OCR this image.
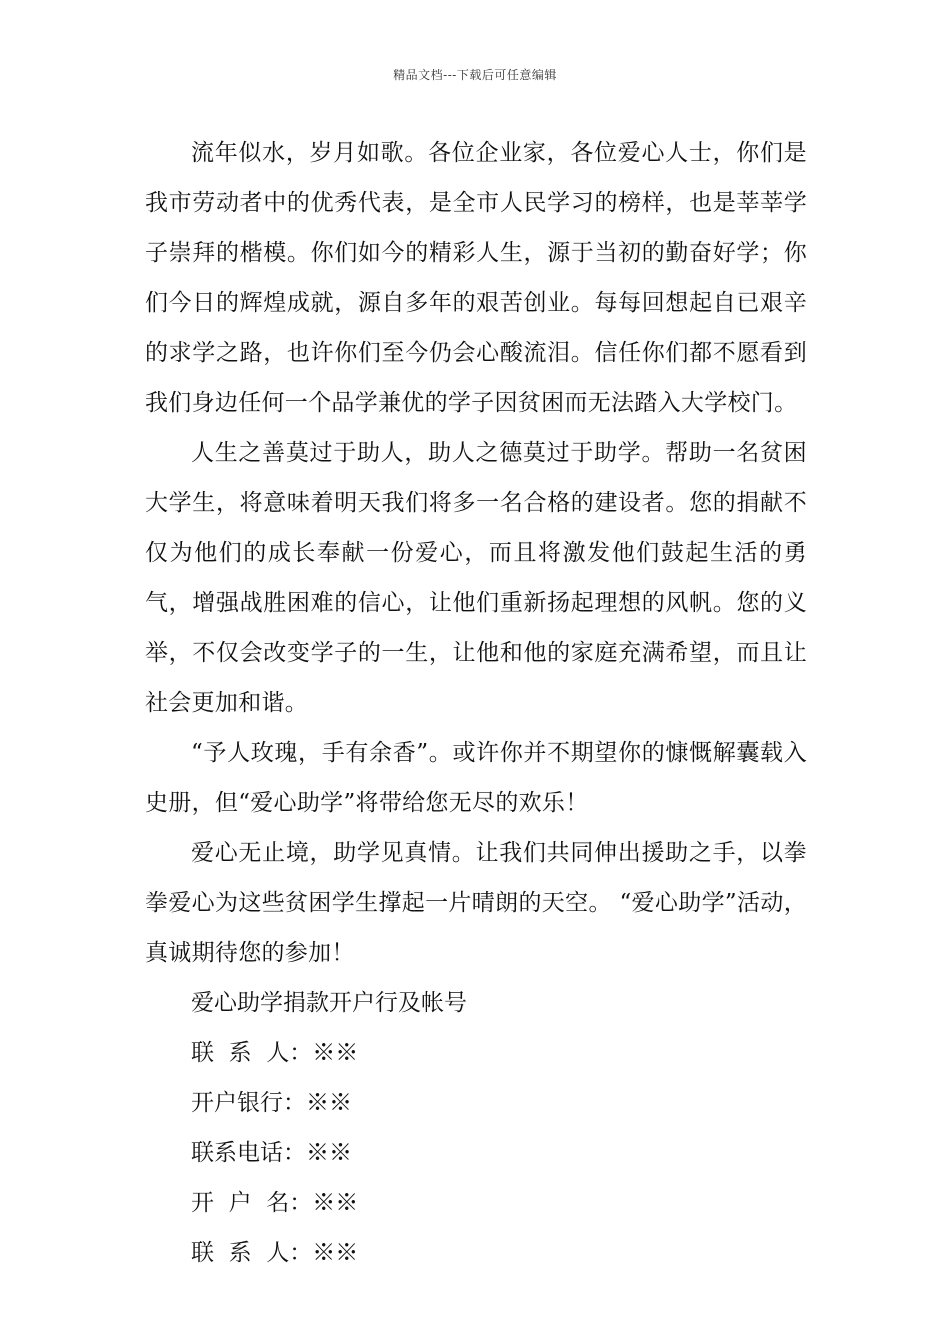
精品文档---下载后可任意编辑

流年似水，岁月如歌。各位企业家，各位爱心人士，你们是我市劳动者中的优秀代表，是全市人民学习的榜样，也是莘莘学子崇拜的楷模。你们如今的精彩人生，源于当初的勤奋好学；你们今日的辉煌成就，源自多年的艰苦创业。每每回想起自已艰辛的求学之路，也许你们至今仍会心酸流泪。信任你们都不愿看到我们身边任何一个品学兼优的学子因贫困而无法踏入大学校门。

人生之善莫过于助人，助人之德莫过于助学。帮助一名贫困大学生，将意味着明天我们将多一名合格的建设者。您的捐献不仅为他们的成长奉献一份爱心，而且将激发他们鼓起生活的勇气，增强战胜困难的信心，让他们重新扬起理想的风帆。您的义举，不仅会改变学子的一生，让他和他的家庭充满希望，而且让社会更加和谐。

“予人玫瑰，手有余香”。或许你并不期望你的慷慨解囊载入史册，但“爱心助学”将带给您无尽的欢乐！

爱心无止境，助学见真情。让我们共同伸出援助之手，以拳拳爱心为这些贫困学生撑起一片晴朗的天空。 “爱心助学”活动，真诚期待您的参加！

爱心助学捐款开户行及帐号

联  系  人：※※

开户银行：※※

联系电话：※※

开  户  名：※※

联  系  人：※※
